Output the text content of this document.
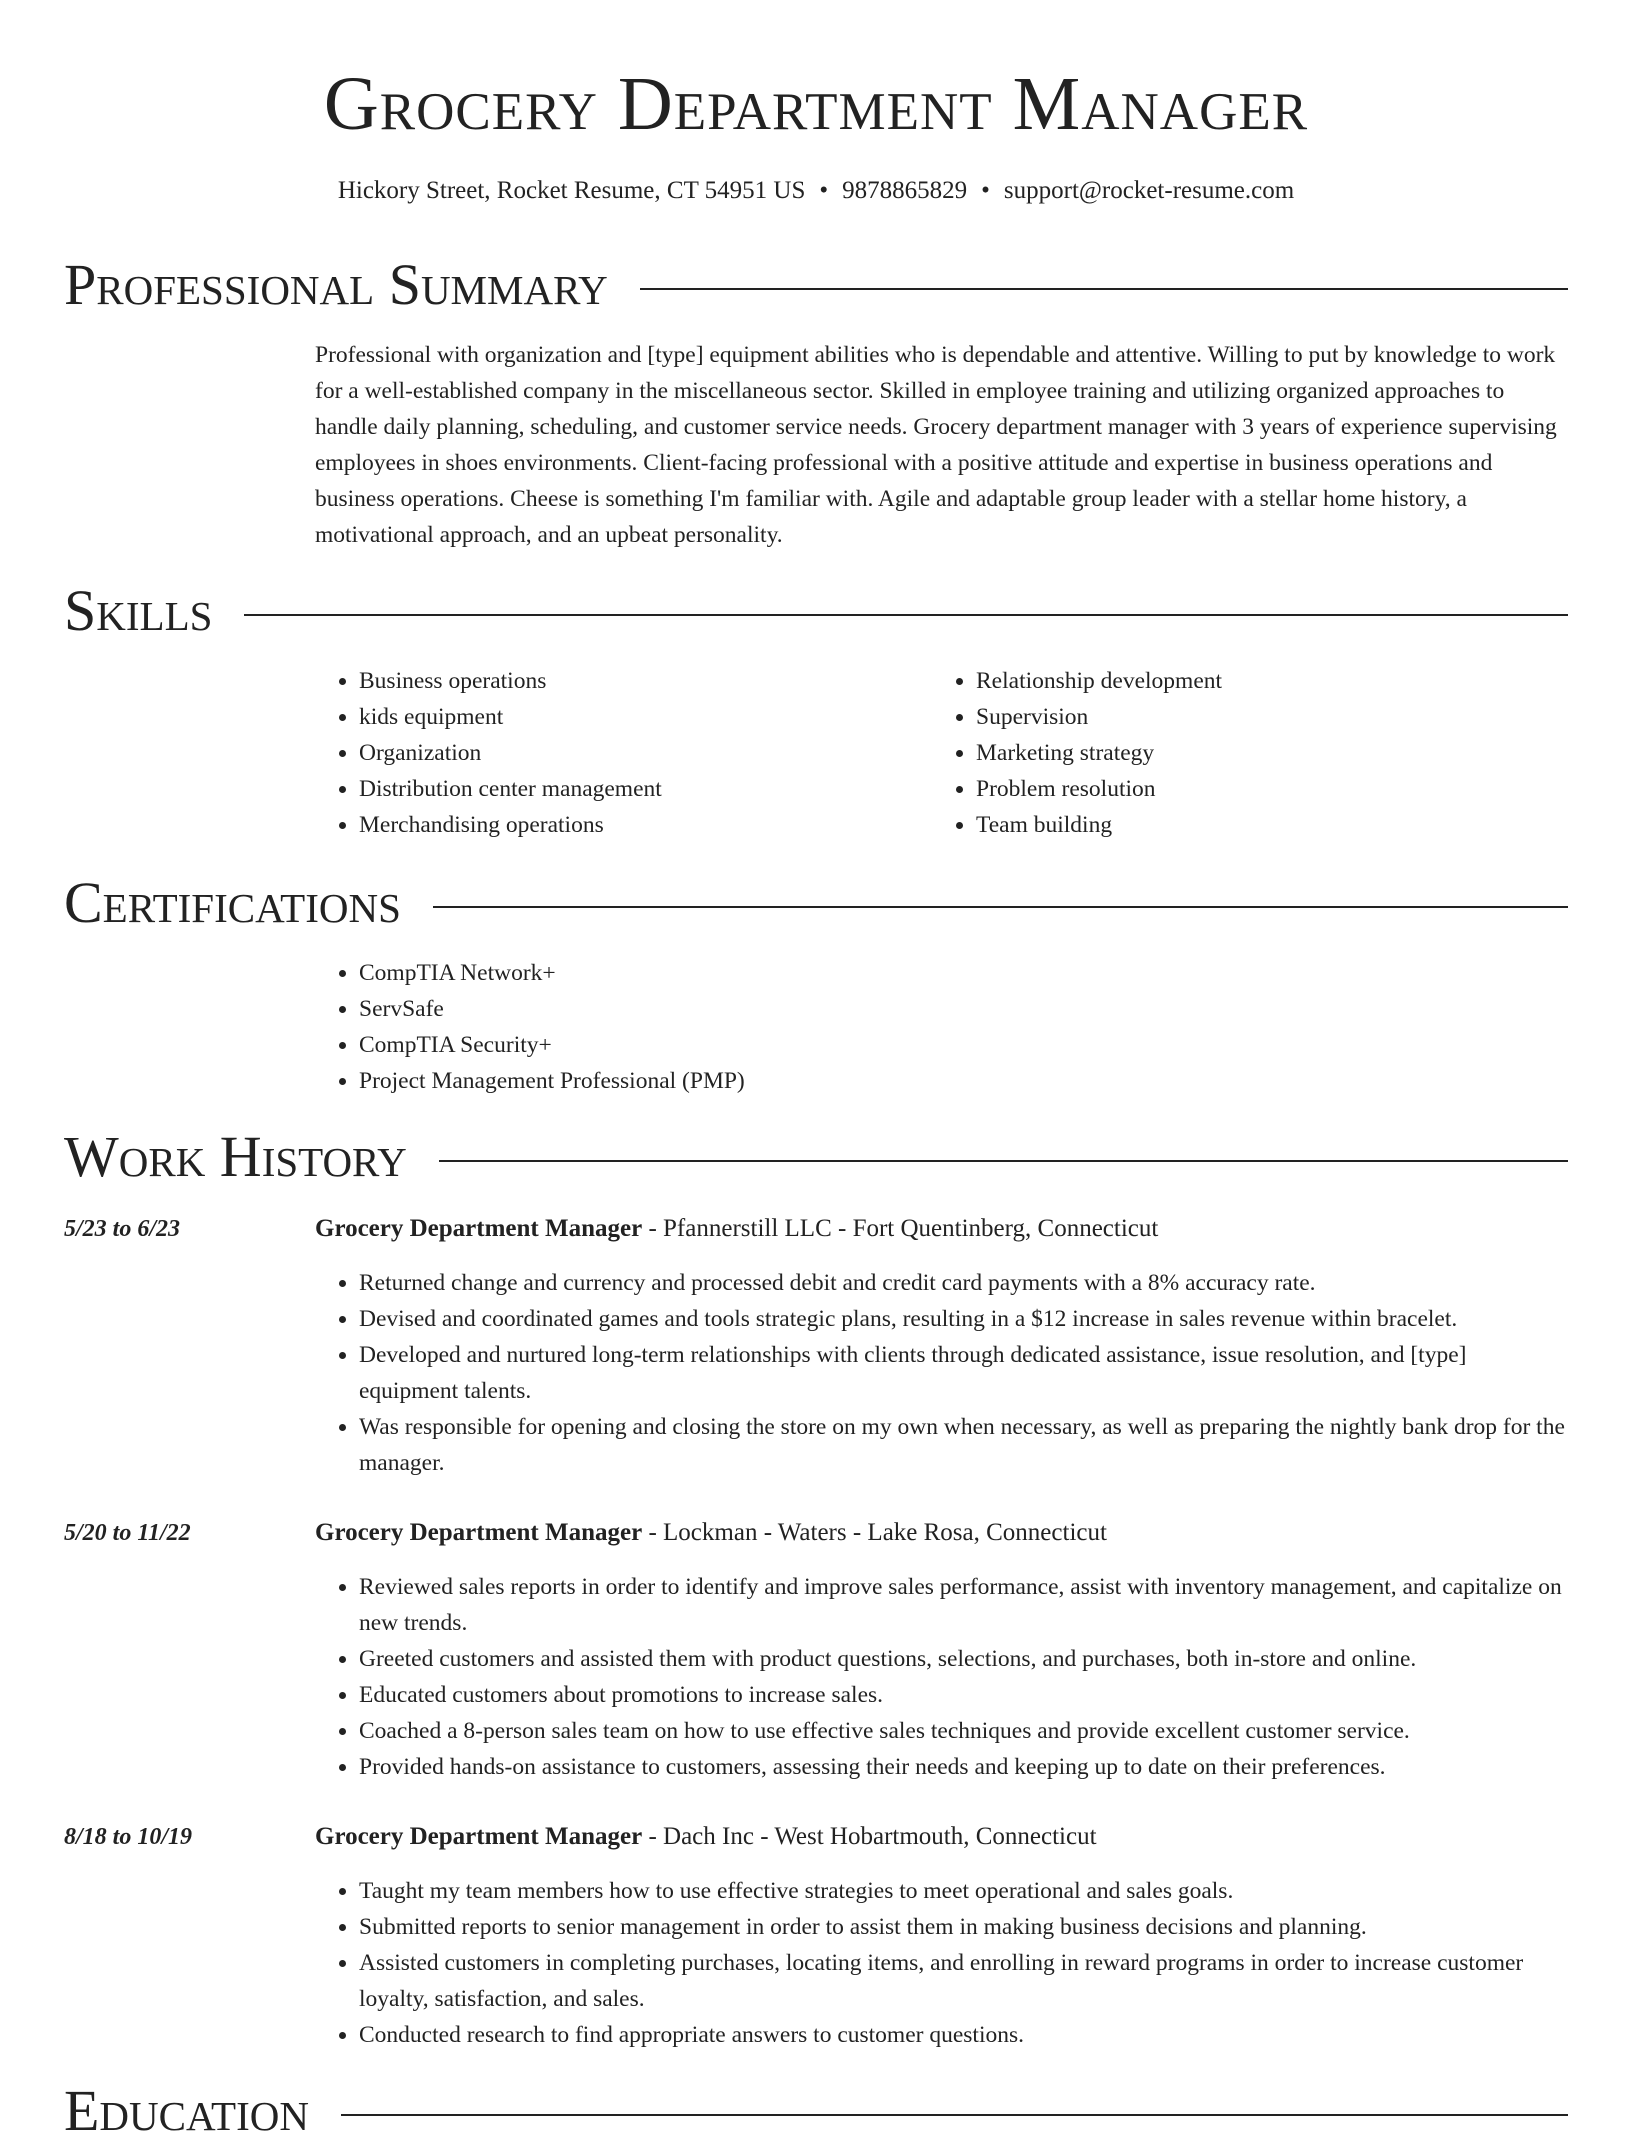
Grocery Department Manager
Hickory Street, Rocket Resume, CT 54951 US • 9878865829 • support@rocket-resume.com
Professional Summary

Professional with organization and [type] equipment abilities who is dependable and attentive. Willing to put by knowledge to work for a well-established company in the miscellaneous sector. Skilled in employee training and utilizing organized approaches to handle daily planning, scheduling, and customer service needs. Grocery department manager with 3 years of experience supervising employees in shoes environments. Client-facing professional with a positive attitude and expertise in business operations and business operations. Cheese is something I'm familiar with. Agile and adaptable group leader with a stellar home history, a motivational approach, and an upbeat personality.

Skills
• Business operations
• kids equipment
• Organization
• Distribution center management
• Merchandising operations
• Relationship development
• Supervision
• Marketing strategy
• Problem resolution
• Team building
Certifications
• CompTIA Network+
• ServSafe
• CompTIA Security+
• Project Management Professional (PMP)
Work History
5/23 to 6/23	Grocery Department Manager - Pfannerstill LLC - Fort Quentinberg, Connecticut
• Returned change and currency and processed debit and credit card payments with a 8% accuracy rate.
• Devised and coordinated games and tools strategic plans, resulting in a $12 increase in sales revenue within bracelet.
• Developed and nurtured long-term relationships with clients through dedicated assistance, issue resolution, and [type] equipment talents.
• Was responsible for opening and closing the store on my own when necessary, as well as preparing the nightly bank drop for the manager.
5/20 to 11/22	Grocery Department Manager - Lockman - Waters - Lake Rosa, Connecticut
• Reviewed sales reports in order to identify and improve sales performance, assist with inventory management, and capitalize on new trends.
• Greeted customers and assisted them with product questions, selections, and purchases, both in-store and online.
• Educated customers about promotions to increase sales.
• Coached a 8-person sales team on how to use effective sales techniques and provide excellent customer service.
• Provided hands-on assistance to customers, assessing their needs and keeping up to date on their preferences.
8/18 to 10/19	Grocery Department Manager - Dach Inc - West Hobartmouth, Connecticut
• Taught my team members how to use effective strategies to meet operational and sales goals.
• Submitted reports to senior management in order to assist them in making business decisions and planning.
• Assisted customers in completing purchases, locating items, and enrolling in reward programs in order to increase customer loyalty, satisfaction, and sales.
• Conducted research to find appropriate answers to customer questions.
Education
